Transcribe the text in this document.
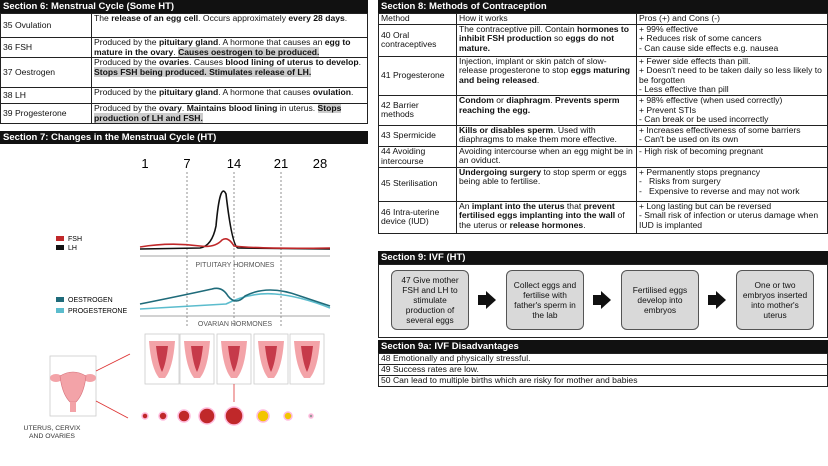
Section 6: Menstrual Cycle (Some HT)
35 Ovulation	The release of an egg cell. Occurs approximately every 28 days.
36 FSH	Produced by the pituitary gland. A hormone that causes an egg to mature in the ovary. Causes oestrogen to be produced.
37 Oestrogen	Produced by the ovaries. Causes blood lining of uterus to develop. Stops FSH being produced. Stimulates release of LH.
38 LH	Produced by the pituitary gland. A hormone that causes ovulation.
39 Progesterone	Produced by the ovary. Maintains blood lining in uterus. Stops production of LH and FSH.
Section 7: Changes in the Menstrual Cycle (HT)
1	7	14	21 28
PITUITARY HORMONES
OVARIAN HORMONES
FSH
LH
OESTROGEN
PROGESTERONE
UTERUS, CERVIX
AND OVARIES
Section 8: Methods of Contraception
Method	How it works	Pros (+) and Cons (-)
40 Oral contraceptives	The contraceptive pill. Contain hormones to inhibit FSH production so eggs do not mature.	+ 99% effective
+ Reduces risk of some cancers
- Can cause side effects e.g. nausea

41 Progesterone	Injection, implant or skin patch of slow-release progesterone to stop eggs maturing and being released.	+ Fewer side effects than pill.
+ Doesn't need to be taken daily so less likely to be forgotten
- Less effective than pill

42 Barrier methods	Condom or diaphragm. Prevents sperm reaching the egg.	+ 98% effective (when used correctly)
+ Prevent STIs
- Can break or be used incorrectly

43 Spermicide	Kills or disables sperm. Used with diaphragms to make them more effective.	+ Increases effectiveness of some barriers
- Can't be used on its own

44 Avoiding intercourse	Avoiding intercourse when an egg might be in an oviduct.	- High risk of becoming pregnant

45 Sterilisation	Undergoing surgery to stop sperm or eggs being able to fertilise.	+ Permanently stops pregnancy
-   Risks from surgery
-   Expensive to reverse and may not work

46 Intra-uterine device (IUD)	An implant into the uterus that prevent fertilised eggs implanting into the wall of the uterus or release hormones.	+ Long lasting but can be reversed
- Small risk of infection or uterus damage when IUD is implanted
Section 9: IVF (HT)
47 Give mother FSH and LH to stimulate production of several eggs
Collect eggs and fertilise with father's sperm in the lab
Fertilised eggs develop into embryos
One or two embryos inserted into mother's uterus
Section 9a: IVF Disadvantages
48 Emotionally and physically stressful.
49 Success rates are low.
50 Can lead to multiple births which are risky for mother and babies
